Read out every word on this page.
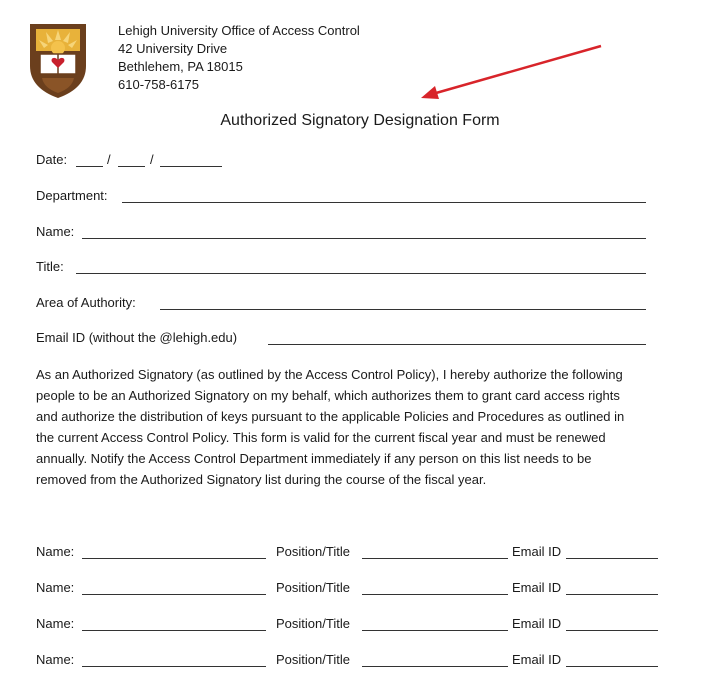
Lehigh University Office of Access Control
42 University Drive
Bethlehem, PA 18015
610-758-6175
Authorized Signatory Designation Form
Date:	/	/
Department:
Name:
Title:
Area of Authority:
Email ID (without the @lehigh.edu)
As an Authorized Signatory (as outlined by the Access Control Policy), I hereby authorize the following
people to be an Authorized Signatory on my behalf, which authorizes them to grant card access rights
and authorize the distribution of keys pursuant to the applicable Policies and Procedures as outlined in
the current Access Control Policy. This form is valid for the current fiscal year and must be renewed
annually. Notify the Access Control Department immediately if any person on this list needs to be
removed from the Authorized Signatory list during the course of the fiscal year.
Name:	Position/Title	Email ID
Name:	Position/Title	Email ID
Name:	Position/Title	Email ID
Name:	Position/Title	Email ID
